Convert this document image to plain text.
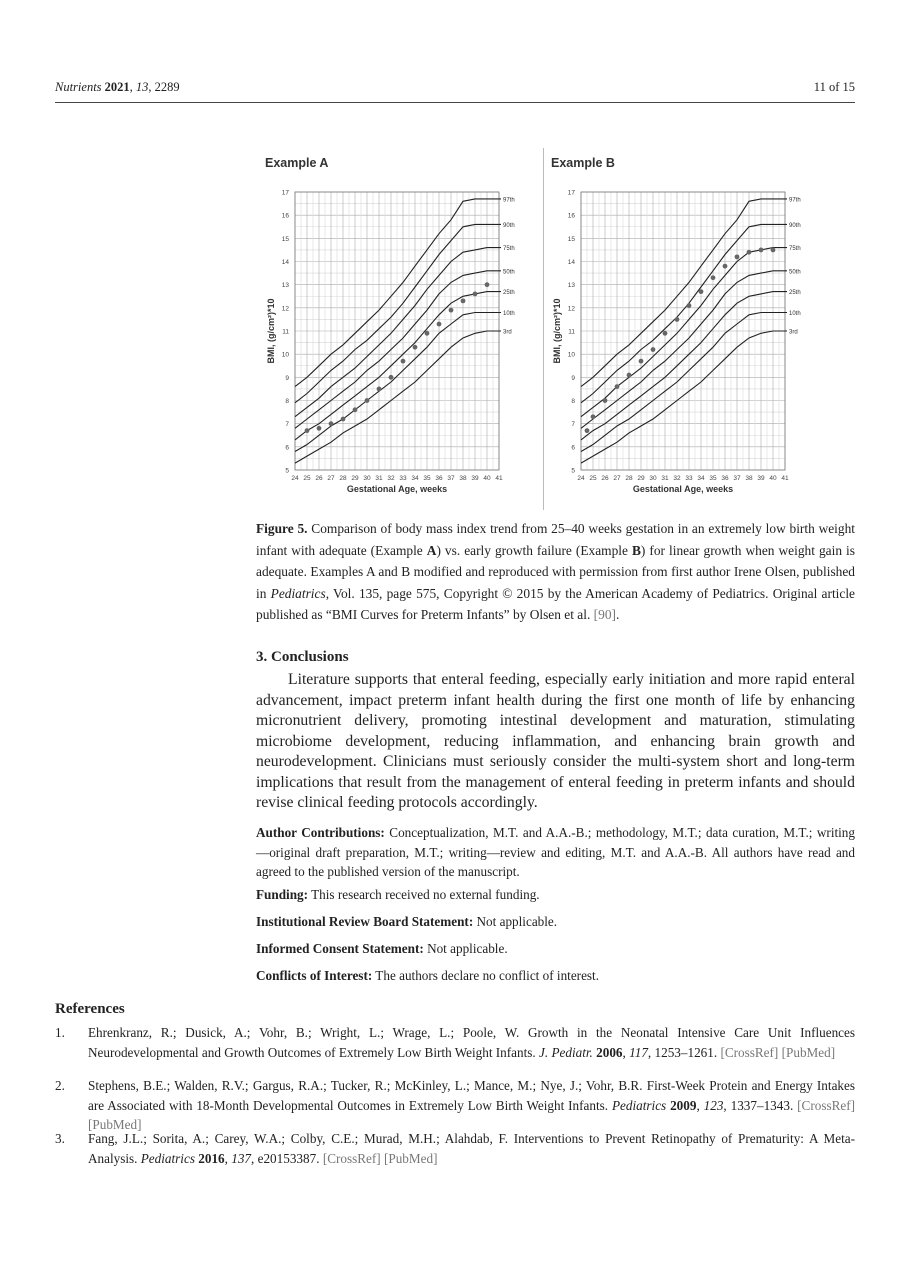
Nutrients 2021, 13, 2289	11 of 15
Example A
5
6
7
8
9
10
11
12
13
14
15
16
17
24 25 26 27 28 29 30 31 32 33 34 35 36 37 38 39 40 41
Gestational Age, weeks
BMI, (g/cm²)*10
97th
90th
75th
50th
25th
10th
3rd
Example B
5
6
7
8
9
10
11
12
13
14
15
16
17
24 25 26 27 28 29 30 31 32 33 34 35 36 37 38 39 40 41
Gestational Age, weeks
BMI, (g/cm²)*10
97th
90th
75th
50th
25th
10th
3rd
Figure 5. Comparison of body mass index trend from 25–40 weeks gestation in an extremely low birth weight infant with adequate (Example A) vs. early growth failure (Example B) for linear growth when weight gain is adequate. Examples A and B modified and reproduced with permission from first author Irene Olsen, published in Pediatrics, Vol. 135, page 575, Copyright © 2015 by the American Academy of Pediatrics. Original article published as “BMI Curves for Preterm Infants” by Olsen et al. [90].
3. Conclusions
Literature supports that enteral feeding, especially early initiation and more rapid enteral advancement, impact preterm infant health during the first one month of life by enhancing micronutrient delivery, promoting intestinal development and maturation, stimulating microbiome development, reducing inflammation, and enhancing brain growth and neurodevelopment. Clinicians must seriously consider the multi-system short and long-term implications that result from the management of enteral feeding in preterm infants and should revise clinical feeding protocols accordingly.
Author Contributions: Conceptualization, M.T. and A.A.-B.; methodology, M.T.; data curation, M.T.; writing—original draft preparation, M.T.; writing—review and editing, M.T. and A.A.-B. All authors have read and agreed to the published version of the manuscript.
Funding: This research received no external funding.
Institutional Review Board Statement: Not applicable.
Informed Consent Statement: Not applicable.
Conflicts of Interest: The authors declare no conflict of interest.
References
1. Ehrenkranz, R.; Dusick, A.; Vohr, B.; Wright, L.; Wrage, L.; Poole, W. Growth in the Neonatal Intensive Care Unit Influences Neurodevelopmental and Growth Outcomes of Extremely Low Birth Weight Infants. J. Pediatr. 2006, 117, 1253–1261. [CrossRef] [PubMed]
2. Stephens, B.E.; Walden, R.V.; Gargus, R.A.; Tucker, R.; McKinley, L.; Mance, M.; Nye, J.; Vohr, B.R. First-Week Protein and Energy Intakes are Associated with 18-Month Developmental Outcomes in Extremely Low Birth Weight Infants. Pediatrics 2009, 123, 1337–1343. [CrossRef] [PubMed]
3. Fang, J.L.; Sorita, A.; Carey, W.A.; Colby, C.E.; Murad, M.H.; Alahdab, F. Interventions to Prevent Retinopathy of Prematurity: A Meta-Analysis. Pediatrics 2016, 137, e20153387. [CrossRef] [PubMed]
